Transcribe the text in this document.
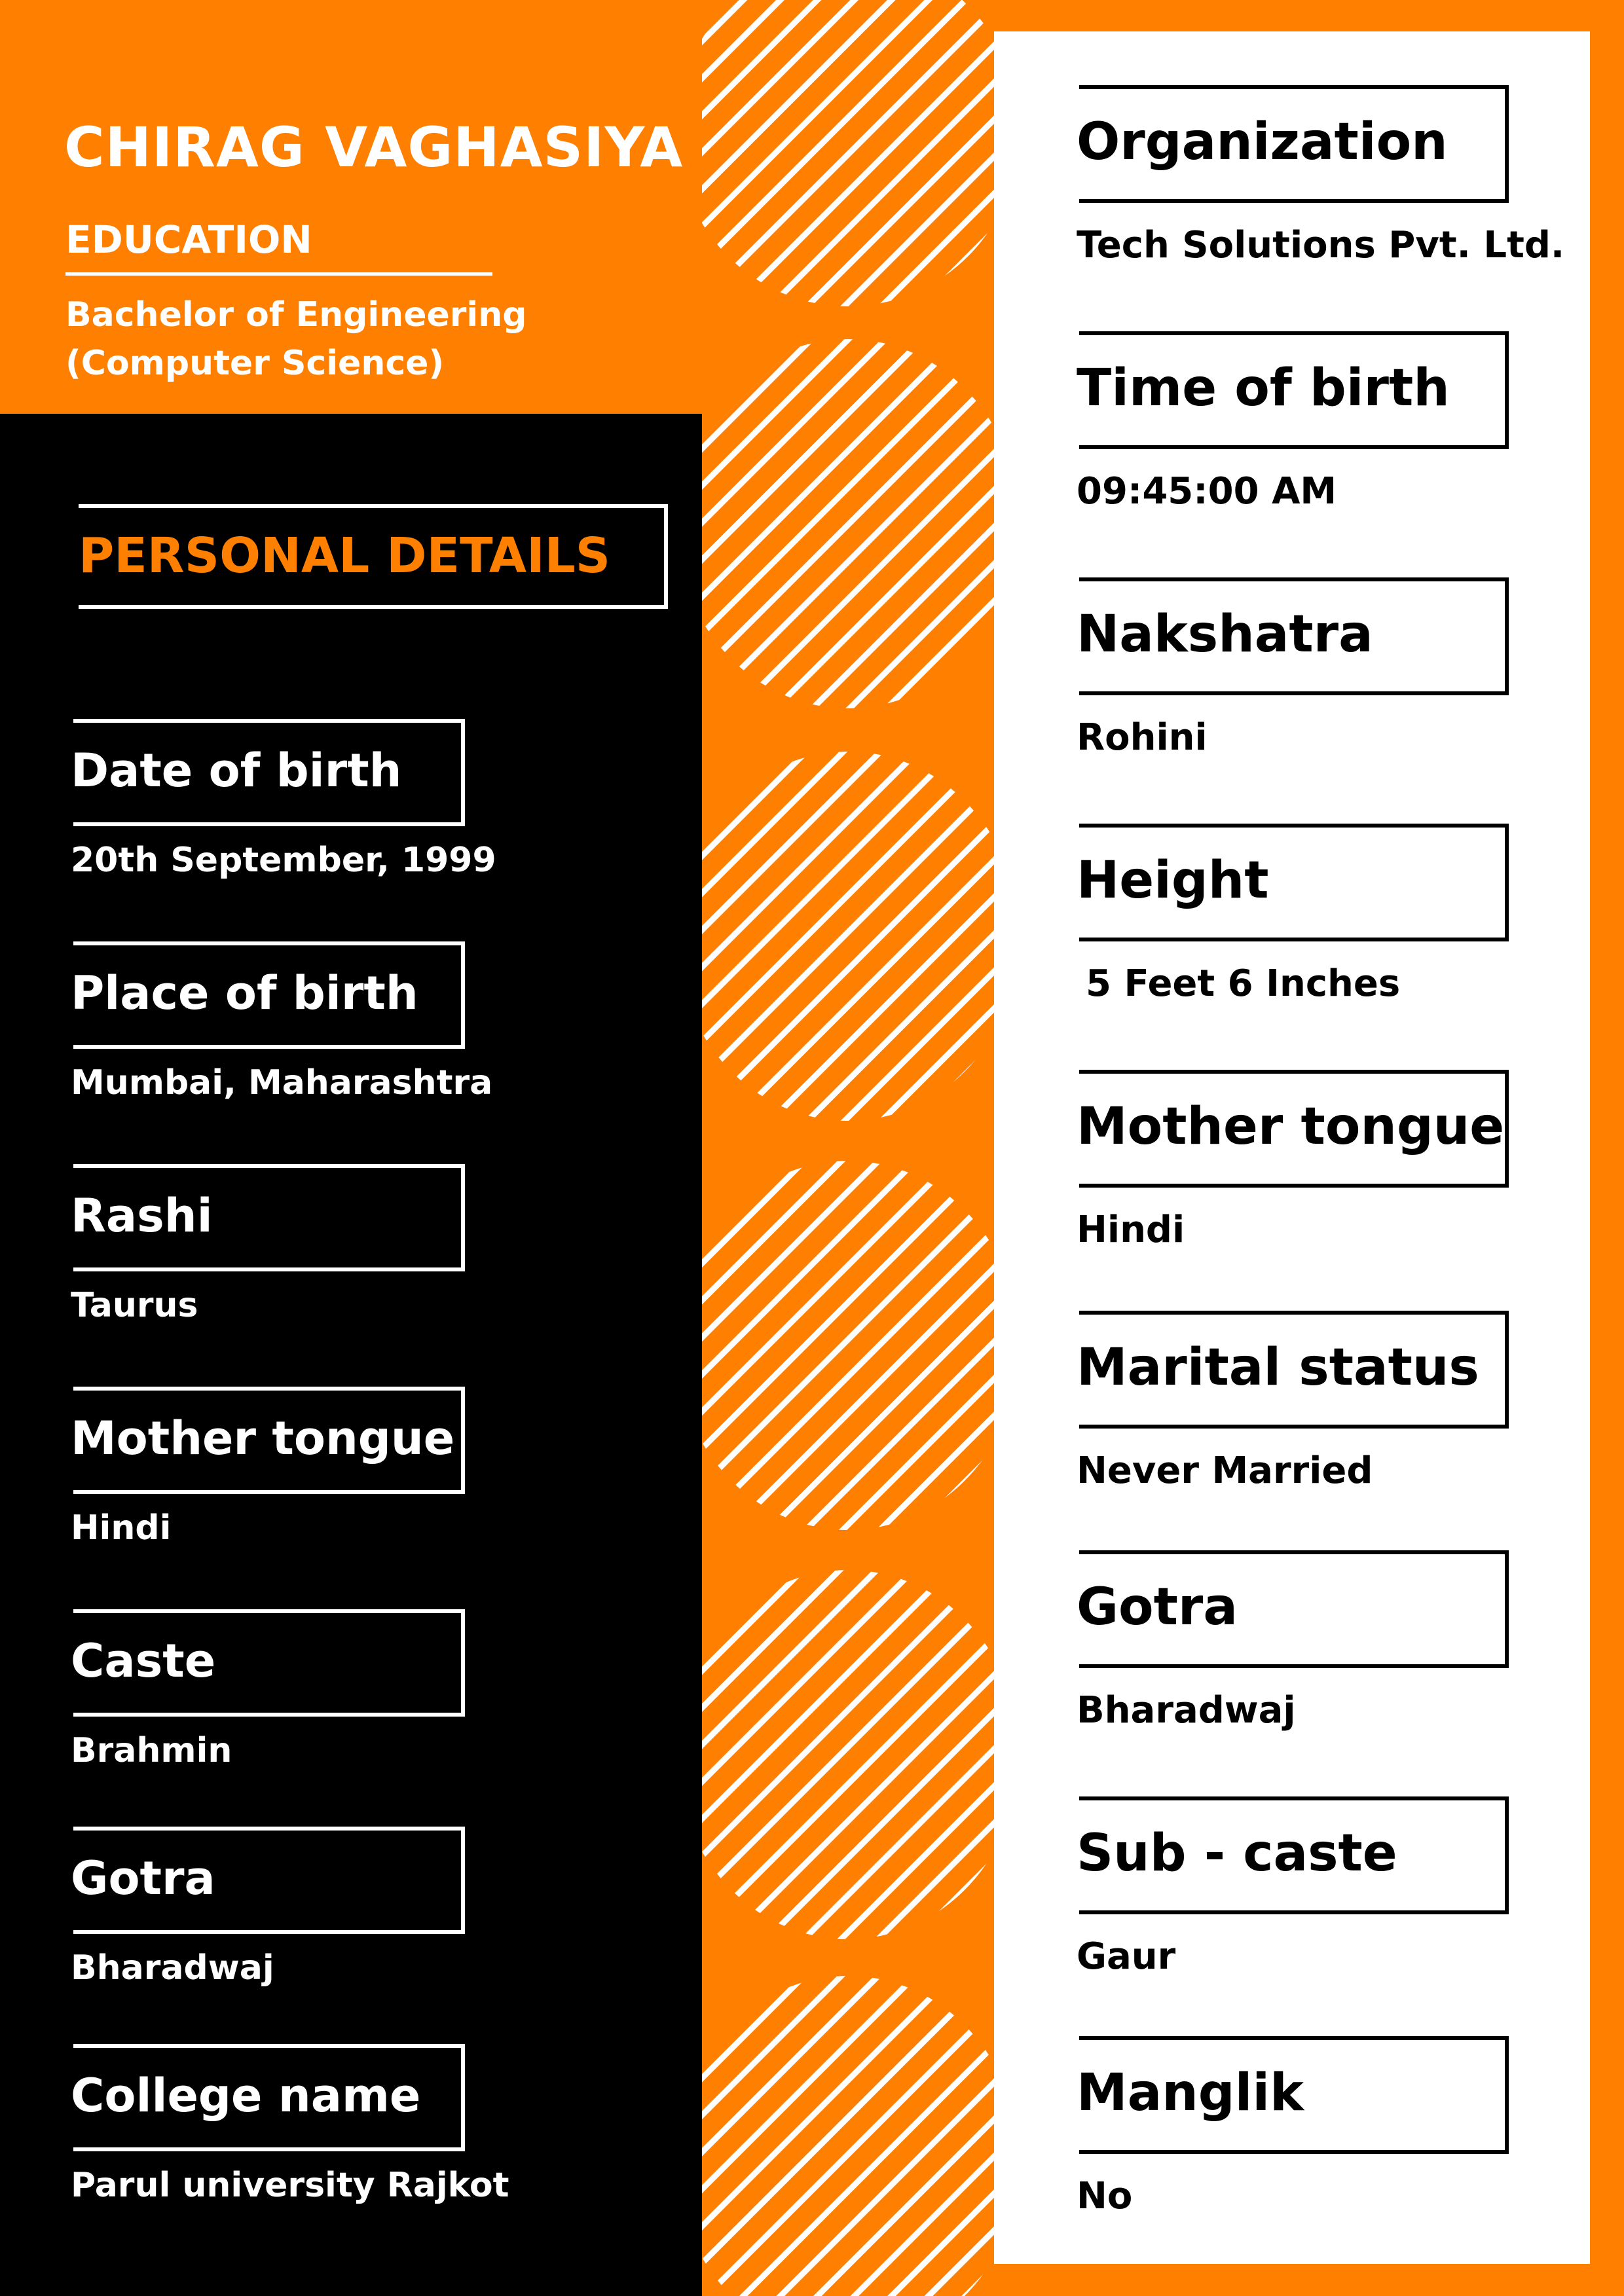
CHIRAG VAGHASIYA
EDUCATION
Bachelor of Engineering
(Computer Science)
PERSONAL DETAILS
Date of birth
20th September, 1999
Place of birth
Mumbai, Maharashtra
Rashi
Taurus
Mother tongue
Hindi
Caste
Brahmin
Gotra
Bharadwaj
College name
Parul university Rajkot
Organization
Tech Solutions Pvt. Ltd.
Time of birth
09:45:00 AM
Nakshatra
Rohini
Height
5 Feet 6 Inches
Mother tongue
Hindi
Marital status
Never Married
Gotra
Bharadwaj
Sub - caste
Gaur
Manglik
No
